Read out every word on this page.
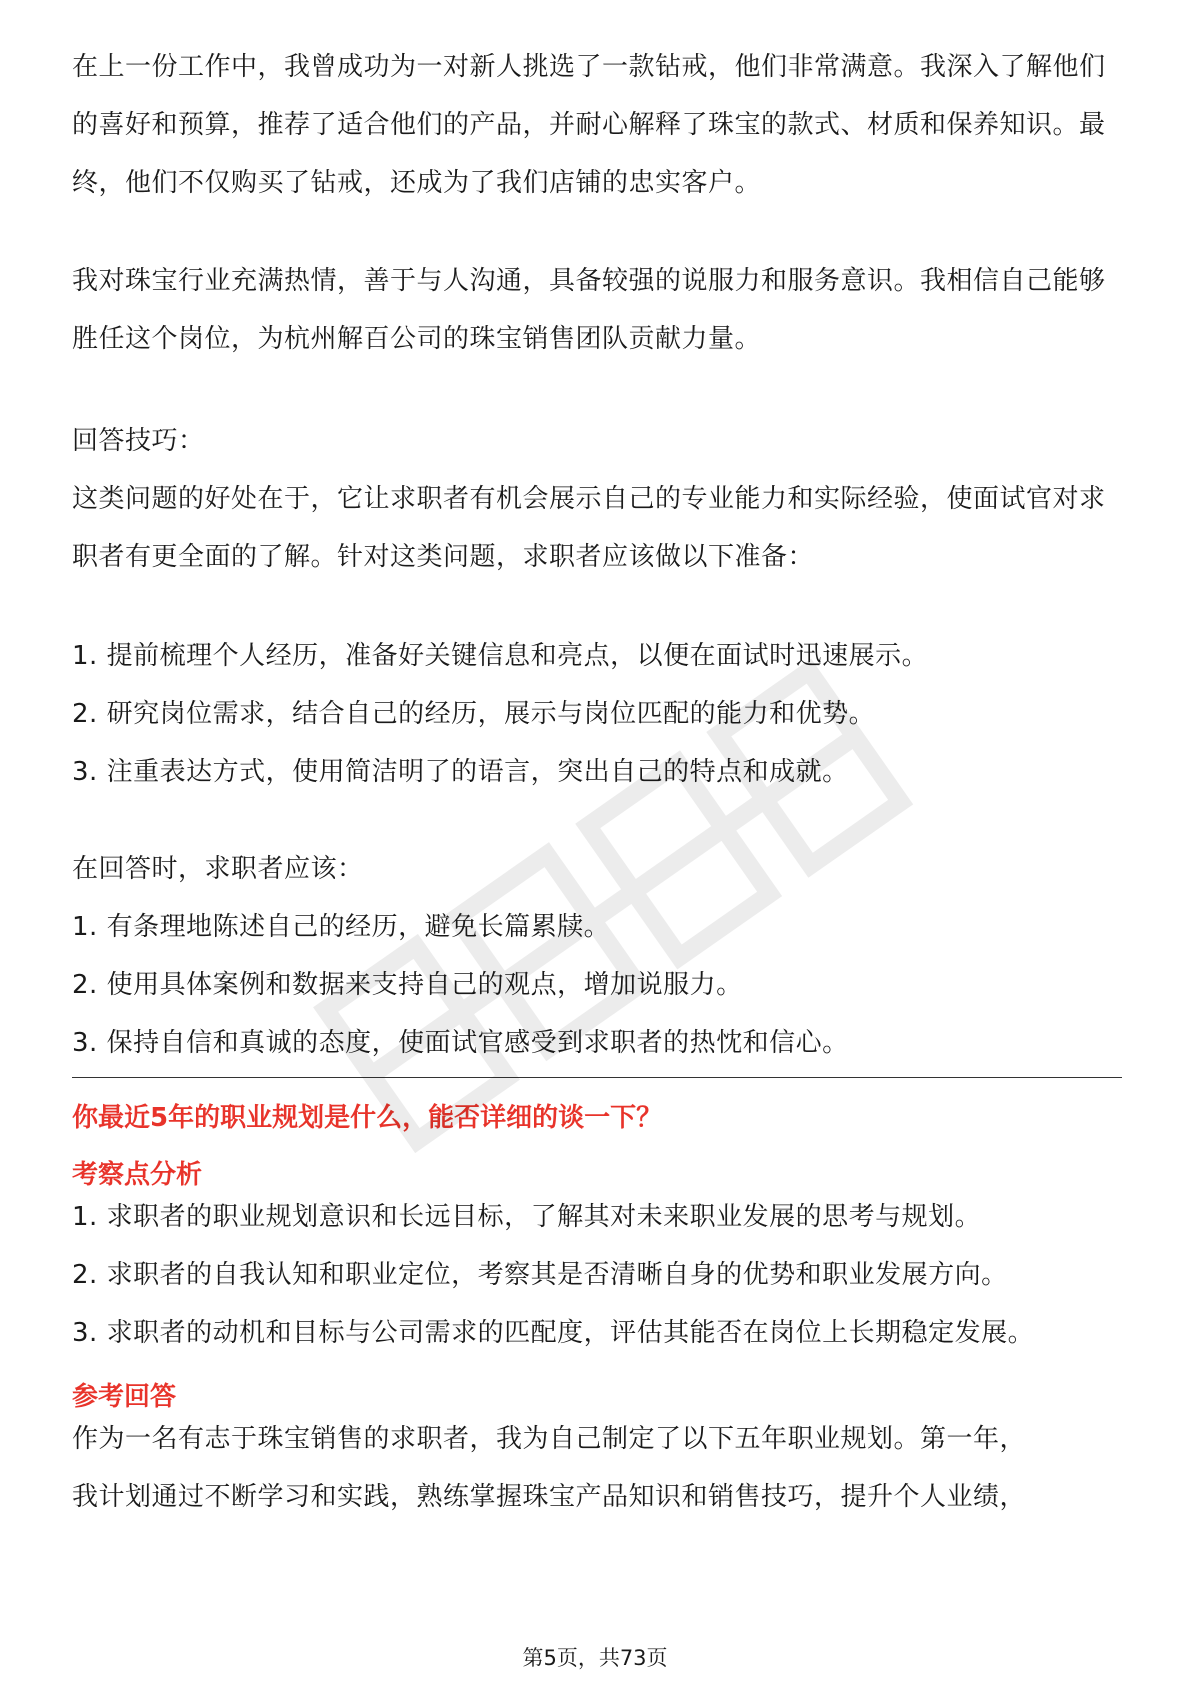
在上一份工作中，我曾成功为一对新人挑选了一款钻戒，他们非常满意。我深入了解他们的喜好和预算，推荐了适合他们的产品，并耐心解释了珠宝的款式、材质和保养知识。最终，他们不仅购买了钻戒，还成为了我们店铺的忠实客户。

我对珠宝行业充满热情，善于与人沟通，具备较强的说服力和服务意识。我相信自己能够胜任这个岗位，为杭州解百公司的珠宝销售团队贡献力量。

回答技巧：

这类问题的好处在于，它让求职者有机会展示自己的专业能力和实际经验，使面试官对求职者有更全面的了解。针对这类问题，求职者应该做以下准备：

1. 提前梳理个人经历，准备好关键信息和亮点，以便在面试时迅速展示。

2. 研究岗位需求，结合自己的经历，展示与岗位匹配的能力和优势。

3. 注重表达方式，使用简洁明了的语言，突出自己的特点和成就。

在回答时，求职者应该：

1. 有条理地陈述自己的经历，避免长篇累牍。

2. 使用具体案例和数据来支持自己的观点，增加说服力。

3. 保持自信和真诚的态度，使面试官感受到求职者的热忱和信心。

你最近5年的职业规划是什么，能否详细的谈一下？

考察点分析

1. 求职者的职业规划意识和长远目标，了解其对未来职业发展的思考与规划。

2. 求职者的自我认知和职业定位，考察其是否清晰自身的优势和职业发展方向。

3. 求职者的动机和目标与公司需求的匹配度，评估其能否在岗位上长期稳定发展。

参考回答

作为一名有志于珠宝销售的求职者，我为自己制定了以下五年职业规划。第一年，

我计划通过不断学习和实践，熟练掌握珠宝产品知识和销售技巧，提升个人业绩，

第5页，共73页
